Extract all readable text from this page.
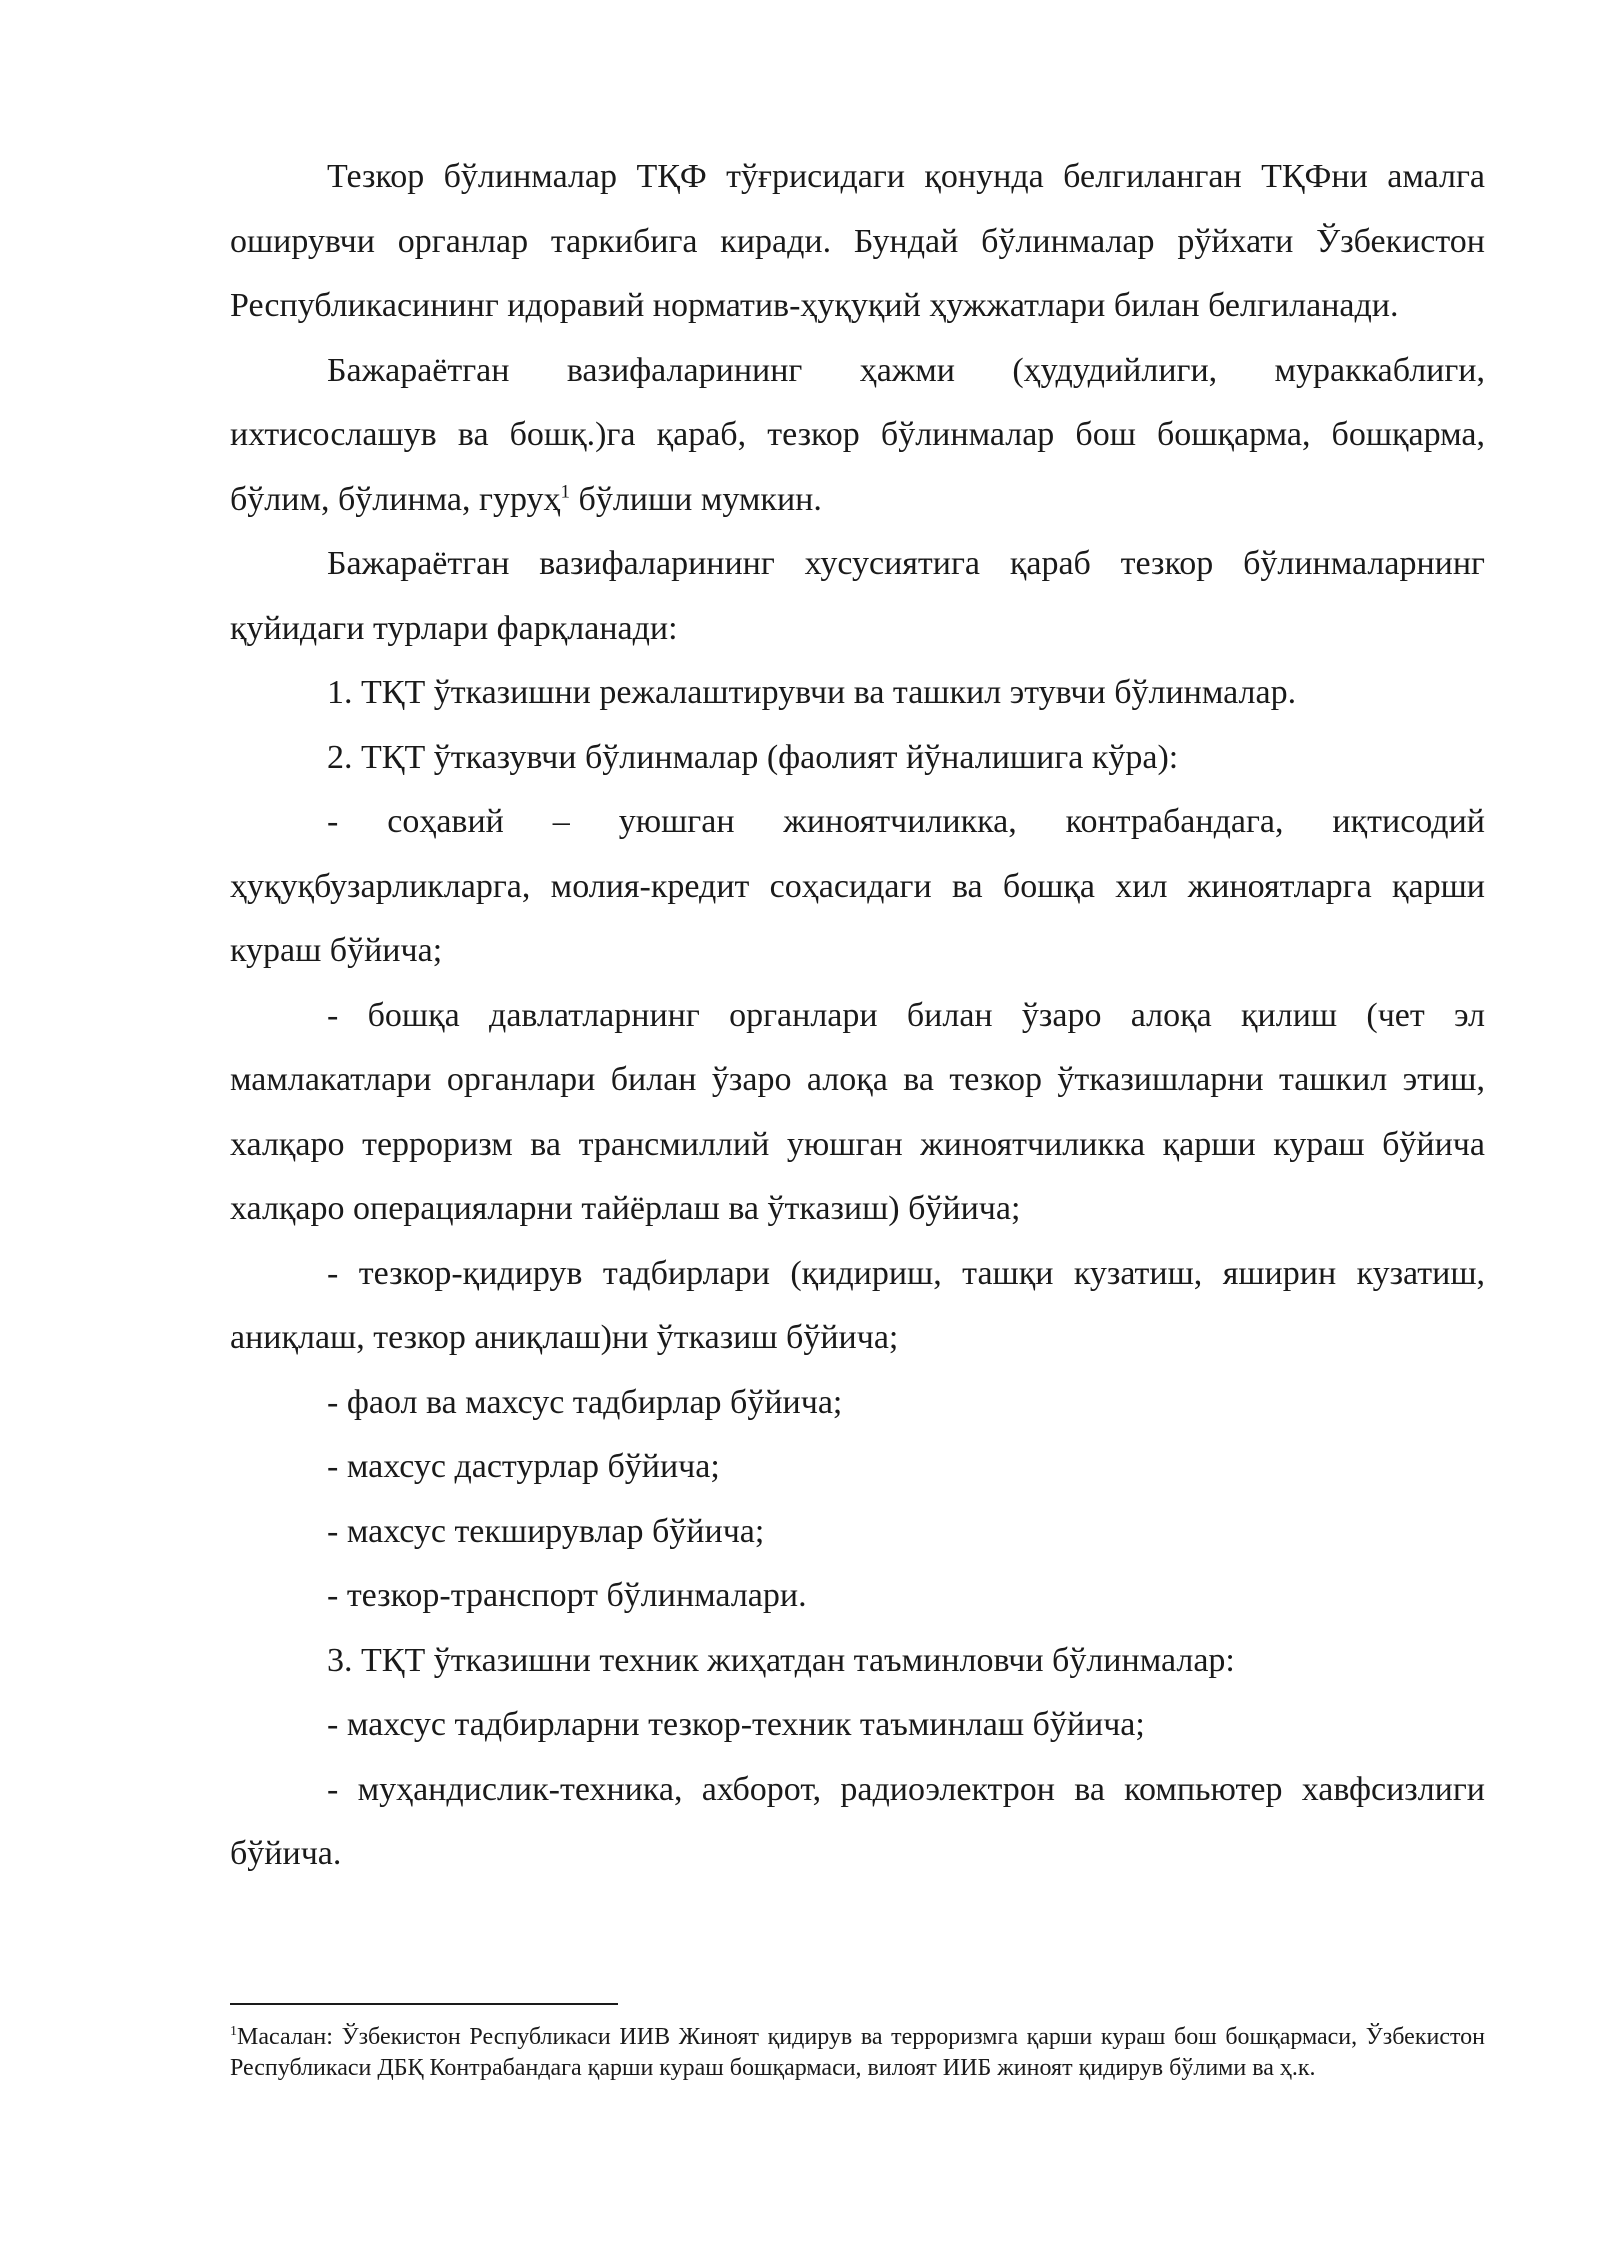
Тезкор бўлинмалар ТҚФ тўғрисидаги қонунда белгиланган ТҚФни амалга оширувчи органлар таркибига киради. Бундай бўлинмалар рўйхати Ўзбекистон Республикасининг идоравий норматив-ҳуқуқий ҳужжатлари билан белгиланади.

Бажараётган вазифаларининг ҳажми (ҳудудийлиги, мураккаблиги, ихтисослашув ва бошқ.)га қараб, тезкор бўлинмалар бош бошқарма, бошқарма, бўлим, бўлинма, гуруҳ$^1$ бўлиши мумкин.

Бажараётган вазифаларининг хусусиятига қараб тезкор бўлинмаларнинг қуйидаги турлари фарқланади:

1. ТҚТ ўтказишни режалаштирувчи ва ташкил этувчи бўлинмалар.

2. ТҚТ ўтказувчи бўлинмалар (фаолият йўналишига кўра):

- соҳавий – уюшган жиноятчиликка, контрабандага, иқтисодий ҳуқуқбузарликларга, молия-кредит соҳасидаги ва бошқа хил жиноятларга қарши кураш бўйича;

- бошқа давлатларнинг органлари билан ўзаро алоқа қилиш (чет эл мамлакатлари органлари билан ўзаро алоқа ва тезкор ўтказишларни ташкил этиш, халқаро терроризм ва трансмиллий уюшган жиноятчиликка қарши кураш бўйича халқаро операцияларни тайёрлаш ва ўтказиш) бўйича;

- тезкор-қидирув тадбирлари (қидириш, ташқи кузатиш, яширин кузатиш, аниқлаш, тезкор аниқлаш)ни ўтказиш бўйича;

- фаол ва махсус тадбирлар бўйича;

- махсус дастурлар бўйича;

- махсус текширувлар бўйича;

- тезкор-транспорт бўлинмалари.

3. ТҚТ ўтказишни техник жиҳатдан таъминловчи бўлинмалар:

- махсус тадбирларни тезкор-техник таъминлаш бўйича;

- муҳандислик-техника, ахборот, радиоэлектрон ва компьютер хавфсизлиги бўйича.

$^1$Масалан: Ўзбекистон Республикаси ИИВ Жиноят қидирув ва терроризмга қарши кураш бош бошқармаси, Ўзбекистон Республикаси ДБҚ Контрабандага қарши кураш бошқармаси, вилоят ИИБ жиноят қидирув бўлими ва ҳ.к.
